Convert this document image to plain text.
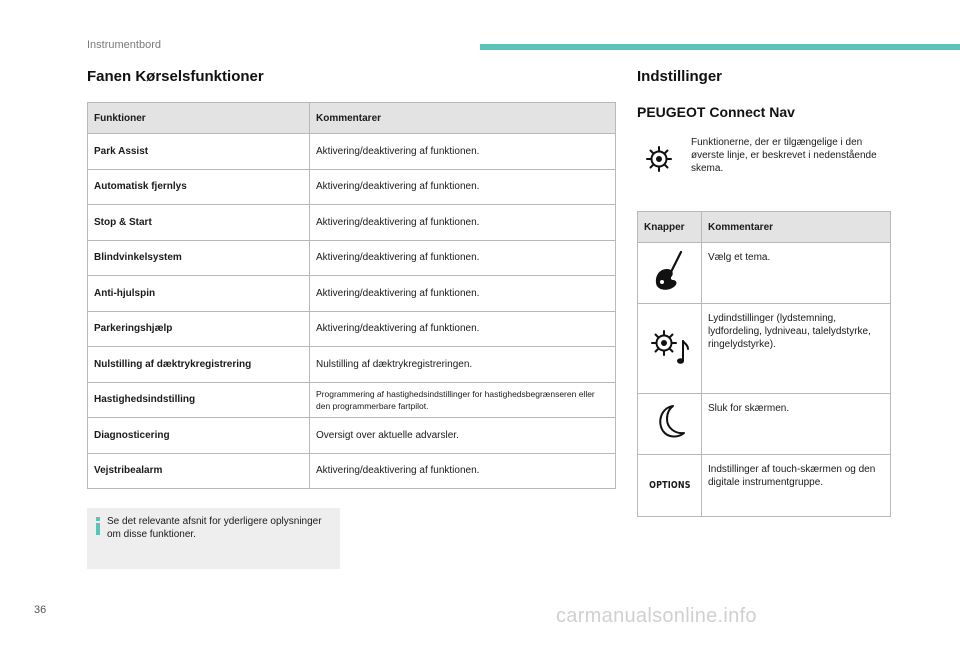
Instrumentbord
Fanen Kørselsfunktioner
Funktioner	Kommentarer
Park Assist	Aktivering/deaktivering af funktionen.
Automatisk fjernlys	Aktivering/deaktivering af funktionen.
Stop & Start	Aktivering/deaktivering af funktionen.
Blindvinkelsystem	Aktivering/deaktivering af funktionen.
Anti-hjulspin	Aktivering/deaktivering af funktionen.
Parkeringshjælp	Aktivering/deaktivering af funktionen.
Nulstilling af dæktrykregistrering	Nulstilling af dæktrykregistreringen.
Hastighedsindstilling	Programmering af hastighedsindstillinger for hastighedsbegrænseren eller den programmerbare fartpilot.
Diagnosticering	Oversigt over aktuelle advarsler.
Vejstribealarm	Aktivering/deaktivering af funktionen.
Se det relevante afsnit for yderligere oplysninger om disse funktioner.
Indstillinger
PEUGEOT Connect Nav
Funktionerne, der er tilgængelige i den øverste linje, er beskrevet i nedenstående skema.
Knapper	Kommentarer
	Vælg et tema.
	Lydindstillinger (lydstemning, lydfordeling, lydniveau, talelydstyrke, ringelydstyrke).
	Sluk for skærmen.
OPTIONS	Indstillinger af touch-skærmen og den digitale instrumentgruppe.
36	carmanualsonline.info
